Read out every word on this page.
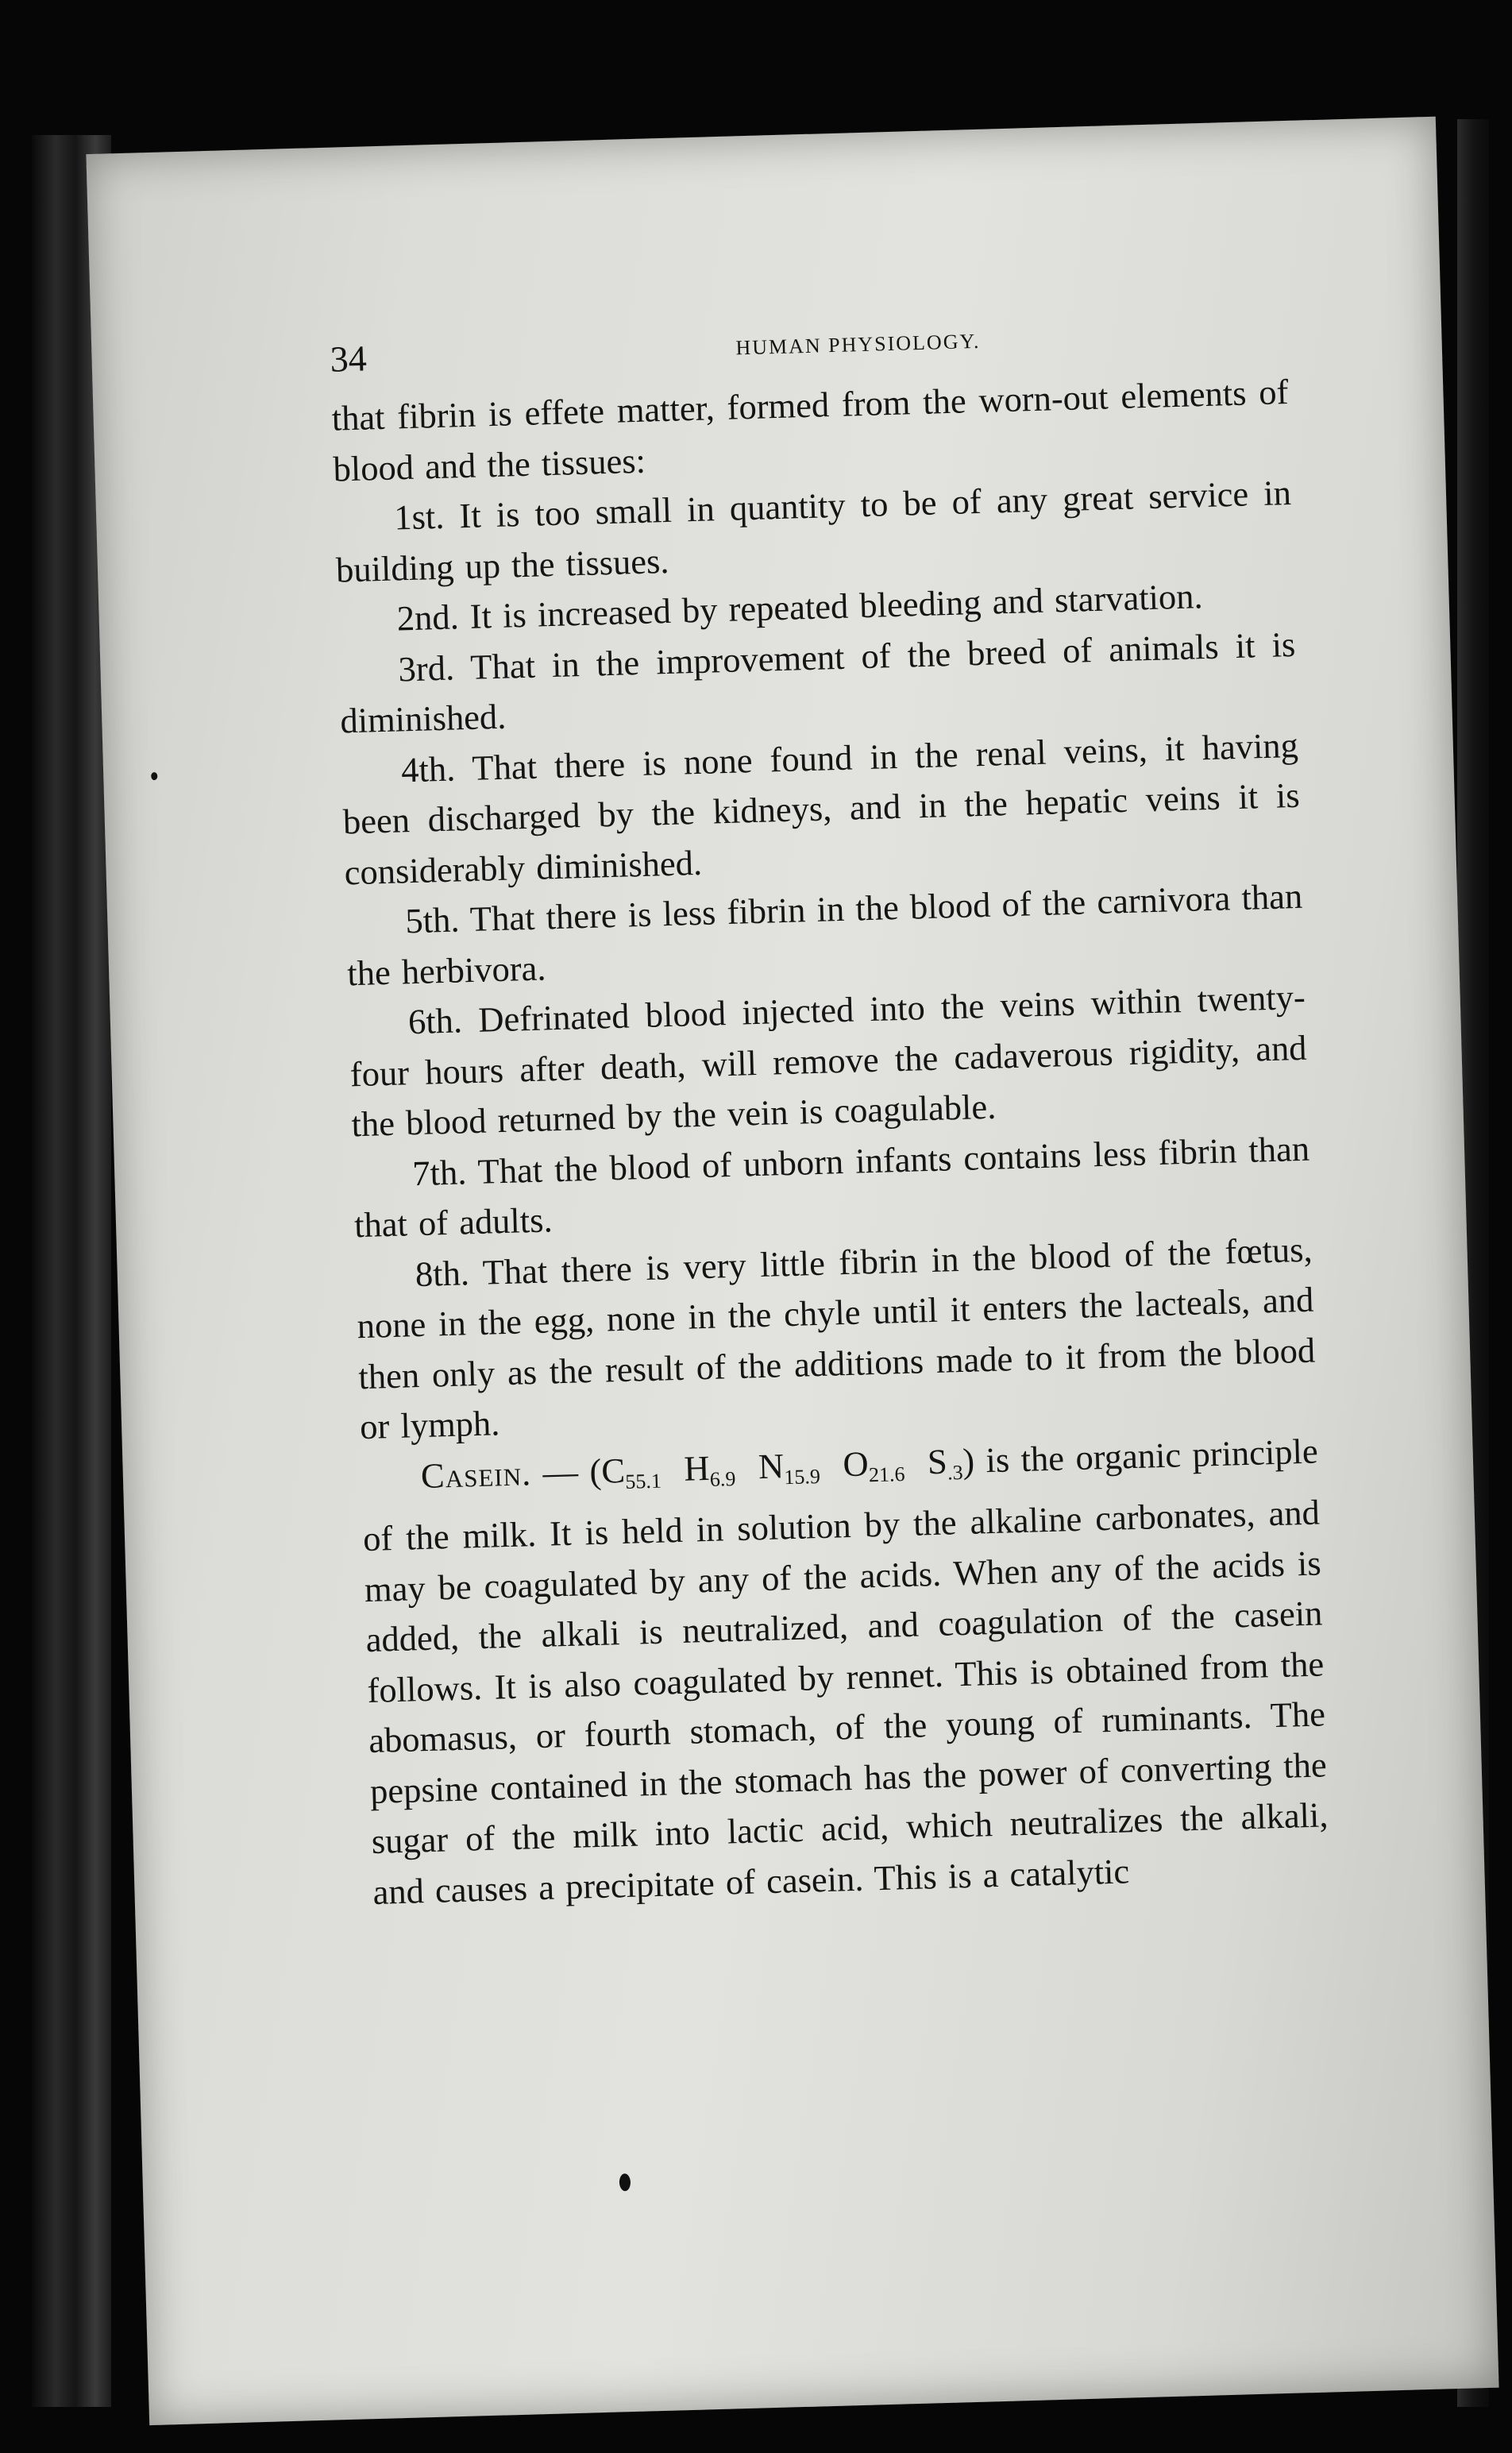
34	HUMAN PHYSIOLOGY.

that fibrin is effete matter, formed from the worn-out elements of blood and the tissues:

1st. It is too small in quantity to be of any great service in building up the tissues.

2nd. It is increased by repeated bleeding and starvation.

3rd. That in the improvement of the breed of animals it is diminished.

4th. That there is none found in the renal veins, it having been discharged by the kidneys, and in the hepatic veins it is considerably diminished.

5th. That there is less fibrin in the blood of the carnivora than the herbivora.

6th. Defrinated blood injected into the veins within twenty-four hours after death, will remove the cadaverous rigidity, and the blood returned by the vein is coagulable.

7th. That the blood of unborn infants contains less fibrin than that of adults.

8th. That there is very little fibrin in the blood of the fœtus, none in the egg, none in the chyle until it enters the lacteals, and then only as the result of the additions made to it from the blood or lymph.

Casein. — ($C_{55.1}$ $H_{6.9}$ $N_{15.9}$ $O_{21.6}$ $S_{.3}$) is the organic principle of the milk. It is held in solution by the alkaline carbonates, and may be coagulated by any of the acids. When any of the acids is added, the alkali is neutralized, and coagulation of the casein follows. It is also coagulated by rennet. This is obtained from the abomasus, or fourth stomach, of the young of ruminants. The pepsine contained in the stomach has the power of converting the sugar of the milk into lactic acid, which neutralizes the alkali, and causes a precipitate of casein. This is a catalytic
